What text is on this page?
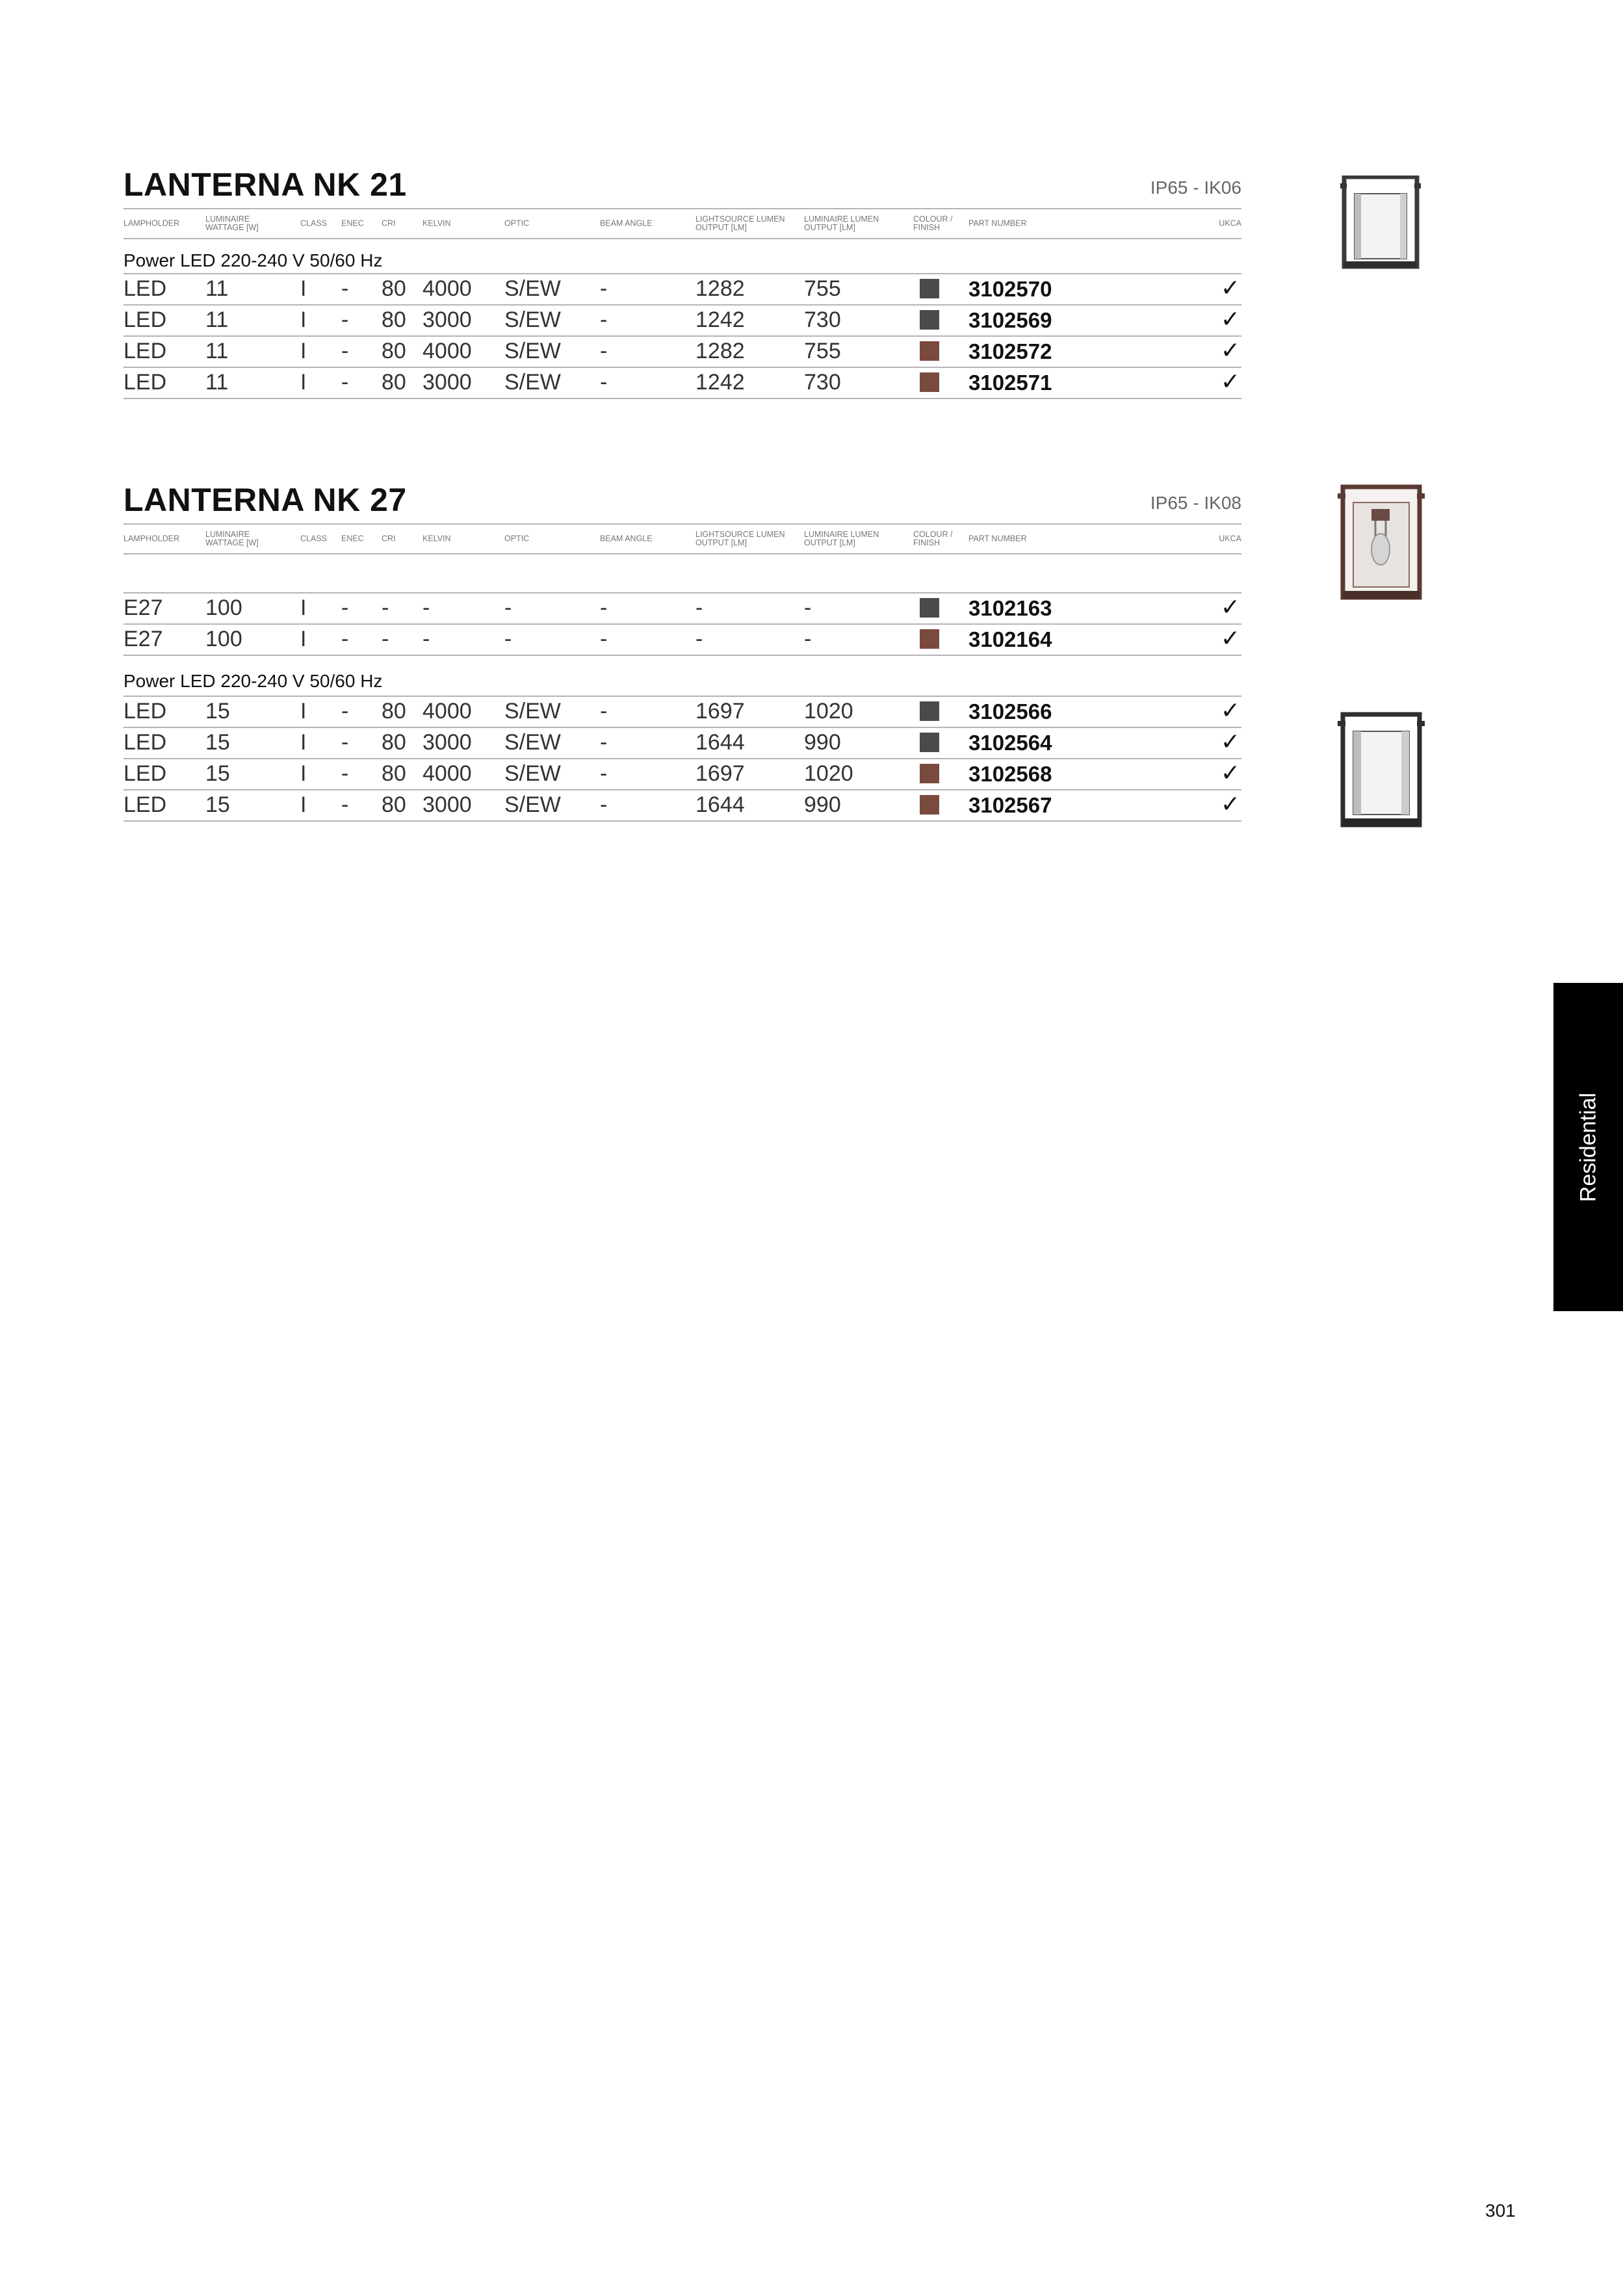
LANTERNA NK 21	IP65 - IK06
LAMPHOLDER	LUMINAIRE WATTAGE [W]	CLASS ENEC CRI	KELVIN	OPTIC	BEAM ANGLE	LIGHTSOURCE LUMEN OUTPUT [LM]
LUMINAIRE LUMEN OUTPUT [LM]
COLOUR / FINISH	PART NUMBER	UKCA
Power LED 220-240 V 50/60 Hz
LED 11	I - 80 4000 S/EW -	1282	755	3102570	✓
LED 11	I - 80 3000 S/EW -	1242	730	3102569	✓
LED 11	I - 80 4000 S/EW -	1282	755	3102572	✓
LED 11	I - 80 3000 S/EW -	1242	730	3102571	✓
LANTERNA NK 27	IP65 - IK08
LAMPHOLDER	LUMINAIRE WATTAGE [W]	CLASS ENEC CRI	KELVIN	OPTIC	BEAM ANGLE	LIGHTSOURCE LUMEN OUTPUT [LM]
LUMINAIRE LUMEN OUTPUT [LM]
COLOUR / FINISH	PART NUMBER	UKCA
E27 100	I - - -	-	-	-	-	3102163	✓
E27 100	I - - -	-	-	-	-	3102164	✓
Power LED 220-240 V 50/60 Hz
LED 15	I - 80 4000 S/EW -	1697	1020	3102566	✓
LED 15	I - 80 3000 S/EW -	1644	990	3102564	✓
LED 15	I - 80 4000 S/EW -	1697	1020	3102568	✓
LED 15	I - 80 3000 S/EW -	1644	990	3102567	✓
Residential
301
